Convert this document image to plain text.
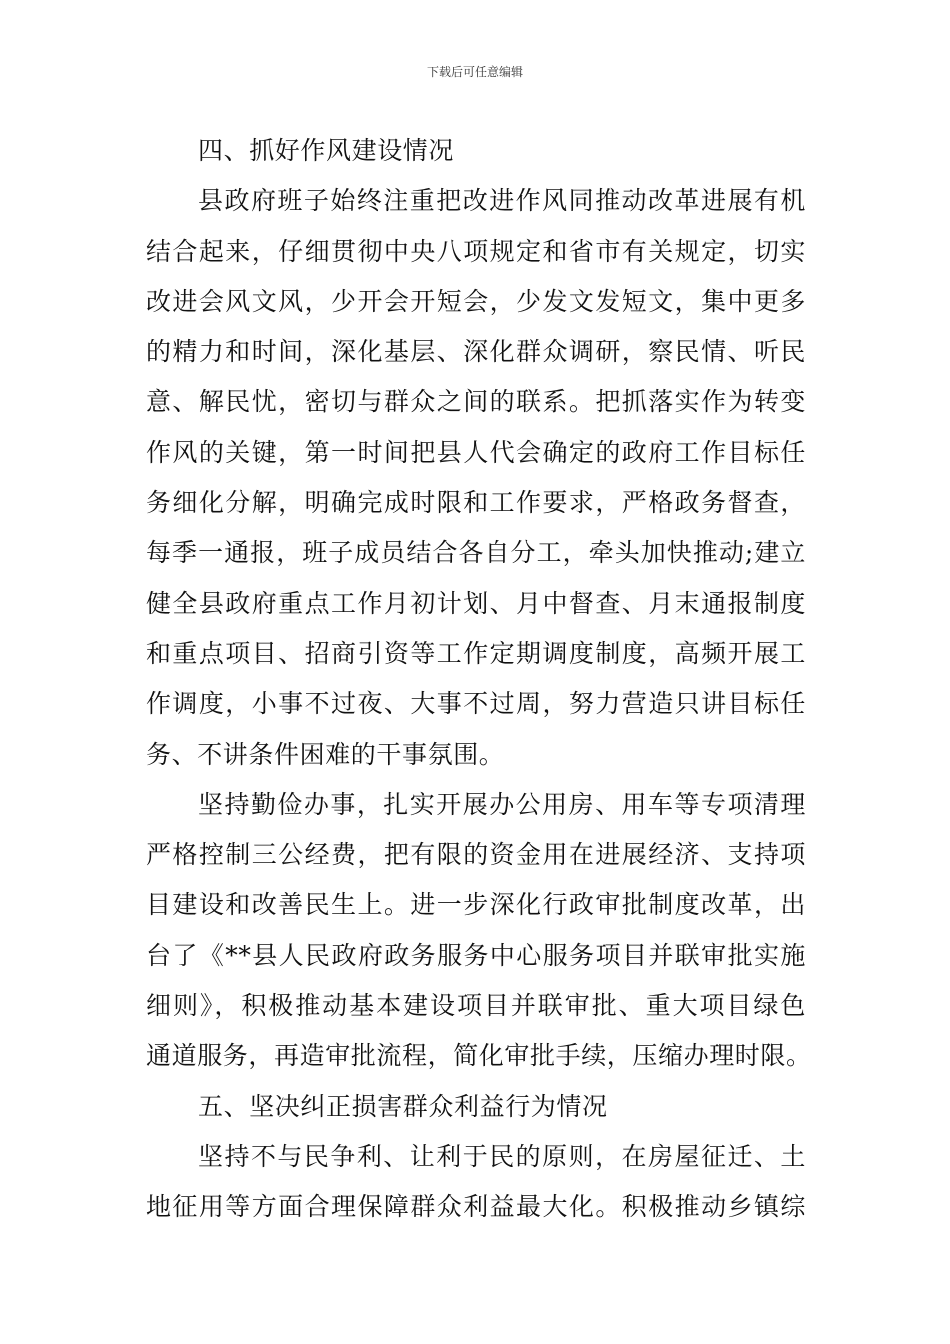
下载后可任意编辑
四、抓好作风建设情况
县政府班子始终注重把改进作风同推动改革进展有机
结合起来，仔细贯彻中央八项规定和省市有关规定，切实
改进会风文风，少开会开短会，少发文发短文，集中更多
的精力和时间，深化基层、深化群众调研，察民情、听民
意、解民忧，密切与群众之间的联系。把抓落实作为转变
作风的关键，第一时间把县人代会确定的政府工作目标任
务细化分解，明确完成时限和工作要求，严格政务督查，
每季一通报，班子成员结合各自分工，牵头加快推动;建立
健全县政府重点工作月初计划、月中督查、月末通报制度
和重点项目、招商引资等工作定期调度制度，高频开展工
作调度，小事不过夜、大事不过周，努力营造只讲目标任
务、不讲条件困难的干事氛围。
坚持勤俭办事，扎实开展办公用房、用车等专项清理
严格控制三公经费，把有限的资金用在进展经济、支持项
目建设和改善民生上。进一步深化行政审批制度改革，出
台了《**县人民政府政务服务中心服务项目并联审批实施
细则》，积极推动基本建设项目并联审批、重大项目绿色
通道服务，再造审批流程，简化审批手续，压缩办理时限。
五、坚决纠正损害群众利益行为情况
坚持不与民争利、让利于民的原则，在房屋征迁、土
地征用等方面合理保障群众利益最大化。积极推动乡镇综
